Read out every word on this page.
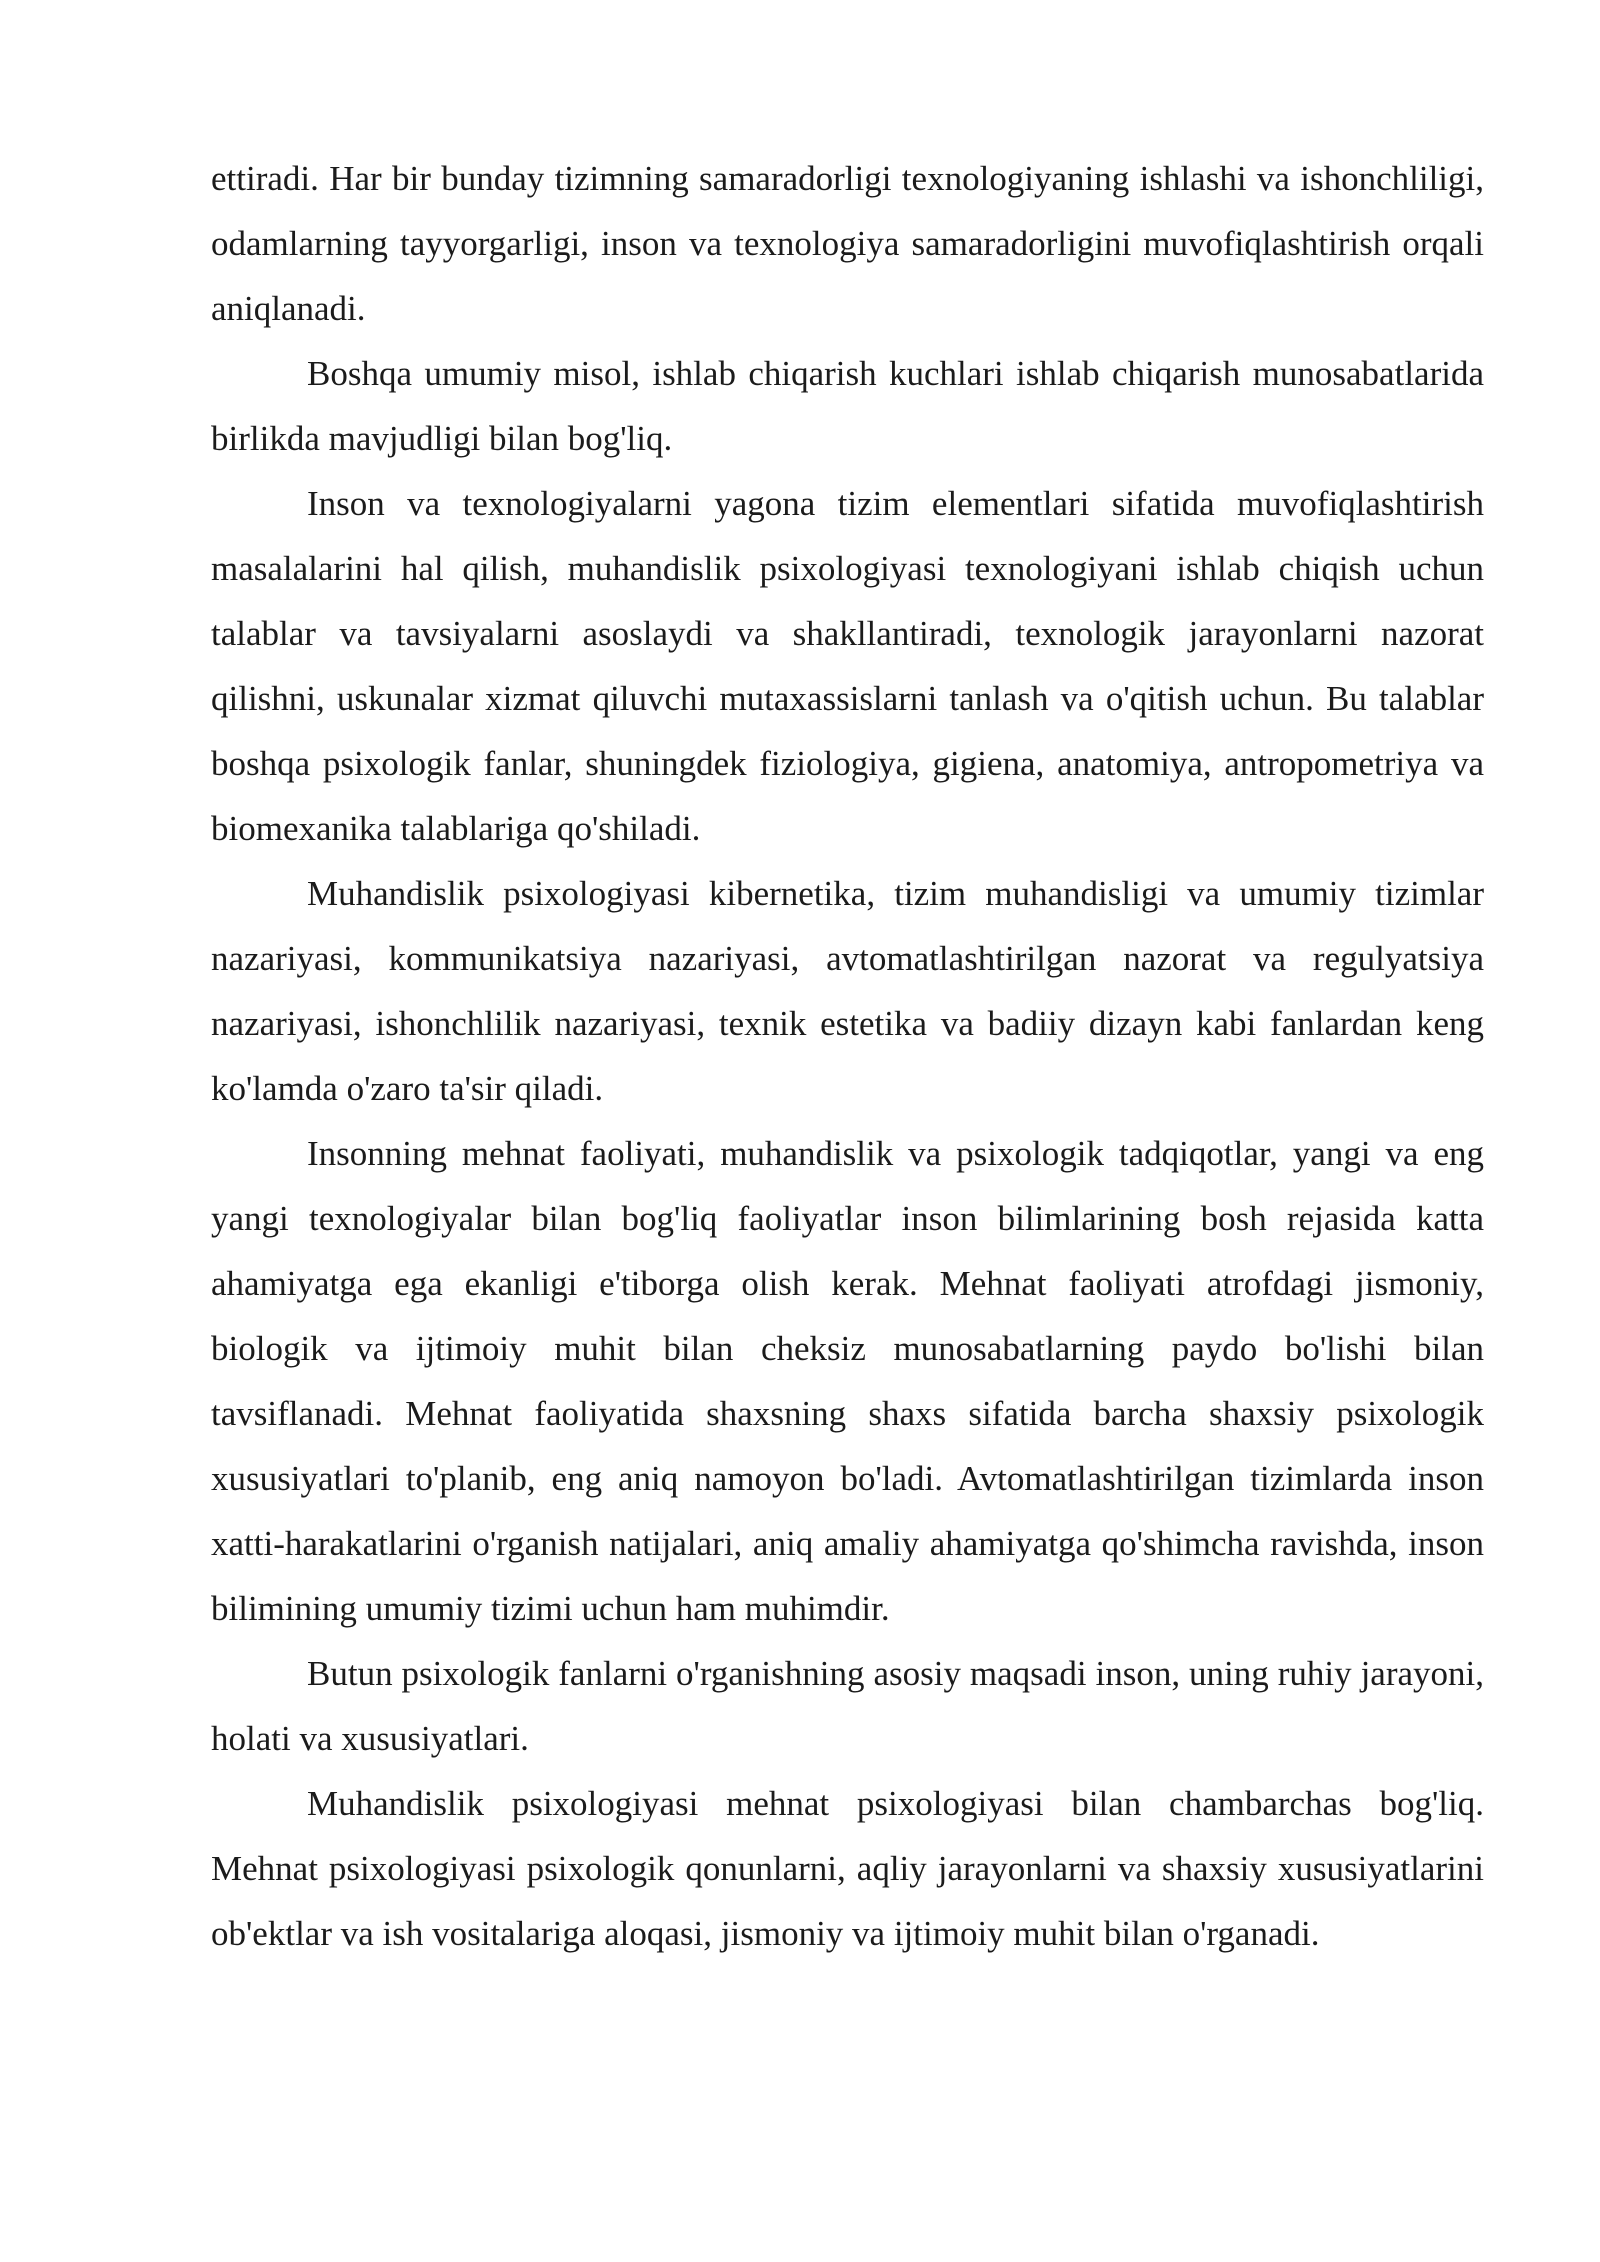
ettiradi. Har bir bunday tizimning samaradorligi texnologiyaning ishlashi va ishonchliligi, odamlarning tayyorgarligi, inson va texnologiya samaradorligini muvofiqlashtirish orqali aniqlanadi.

Boshqa umumiy misol, ishlab chiqarish kuchlari ishlab chiqarish munosabatlarida birlikda mavjudligi bilan bog'liq.

Inson va texnologiyalarni yagona tizim elementlari sifatida muvofiqlashtirish masalalarini hal qilish, muhandislik psixologiyasi texnologiyani ishlab chiqish uchun talablar va tavsiyalarni asoslaydi va shakllantiradi, texnologik jarayonlarni nazorat qilishni, uskunalar xizmat qiluvchi mutaxassislarni tanlash va o'qitish uchun. Bu talablar boshqa psixologik fanlar, shuningdek fiziologiya, gigiena, anatomiya, antropometriya va biomexanika talablariga qo'shiladi.

Muhandislik psixologiyasi kibernetika, tizim muhandisligi va umumiy tizimlar nazariyasi, kommunikatsiya nazariyasi, avtomatlashtirilgan nazorat va regulyatsiya nazariyasi, ishonchlilik nazariyasi, texnik estetika va badiiy dizayn kabi fanlardan keng ko'lamda o'zaro ta'sir qiladi.

Insonning mehnat faoliyati, muhandislik va psixologik tadqiqotlar, yangi va eng yangi texnologiyalar bilan bog'liq faoliyatlar inson bilimlarining bosh rejasida katta ahamiyatga ega ekanligi e'tiborga olish kerak. Mehnat faoliyati atrofdagi jismoniy, biologik va ijtimoiy muhit bilan cheksiz munosabatlarning paydo bo'lishi bilan tavsiflanadi. Mehnat faoliyatida shaxsning shaxs sifatida barcha shaxsiy psixologik xususiyatlari to'planib, eng aniq namoyon bo'ladi. Avtomatlashtirilgan tizimlarda inson xatti-harakatlarini o'rganish natijalari, aniq amaliy ahamiyatga qo'shimcha ravishda, inson bilimining umumiy tizimi uchun ham muhimdir.

Butun psixologik fanlarni o'rganishning asosiy maqsadi inson, uning ruhiy jarayoni, holati va xususiyatlari.

Muhandislik psixologiyasi mehnat psixologiyasi bilan chambarchas bog'liq. Mehnat psixologiyasi psixologik qonunlarni, aqliy jarayonlarni va shaxsiy xususiyatlarini ob'ektlar va ish vositalariga aloqasi, jismoniy va ijtimoiy muhit bilan o'rganadi.
